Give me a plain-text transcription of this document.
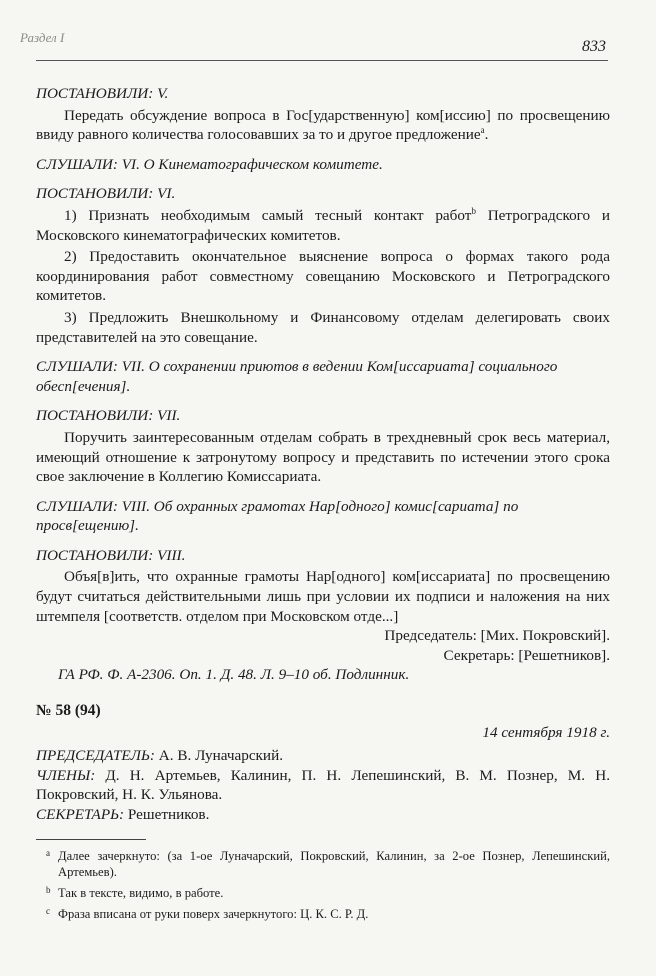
Раздел I
833

ПОСТАНОВИЛИ: V.

Передать обсуждение вопроса в Гос[ударственную] ком[иссию] по просвещению ввиду равного количества голосовавших за то и другое предложение$^a$.

СЛУШАЛИ: VI. О Кинематографическом комитете.

ПОСТАНОВИЛИ: VI.

1) Признать необходимым самый тесный контакт работ$^b$ Петроградского и Московского кинематографических комитетов.

2) Предоставить окончательное выяснение вопроса о формах такого рода координирования работ совместному совещанию Московского и Петроградского комитетов.

3) Предложить Внешкольному и Финансовому отделам делегировать своих представителей на это совещание.

СЛУШАЛИ: VII. О сохранении приютов в ведении Ком[иссариата] социального обесп[ечения].

ПОСТАНОВИЛИ: VII.

Поручить заинтересованным отделам собрать в трехдневный срок весь материал, имеющий отношение к затронутому вопросу и представить по истечении этого срока свое заключение в Коллегию Комиссариата.

СЛУШАЛИ: VIII. Об охранных грамотах Нар[одного] комис[сариата] по просв[ещению].

ПОСТАНОВИЛИ: VIII.

Объя[в]ить, что охранные грамоты Нар[одного] ком[иссариата] по просвещению будут считаться действительными лишь при условии их подписи и наложения на них штемпеля [соответств. отделом при Московском отде...]

Председатель: [Мих. Покровский].

Секретарь: [Решетников].

ГА РФ. Ф. А-2306. Оп. 1. Д. 48. Л. 9–10 об. Подлинник.

№ 58 (94)

14 сентября 1918 г.

ПРЕДСЕДАТЕЛЬ: А. В. Луначарский.

ЧЛЕНЫ: Д. Н. Артемьев, Калинин, П. Н. Лепешинский, В. М. Познер, М. Н. Покровский, Н. К. Ульянова.

СЕКРЕТАРЬ: Решетников.

a Далее зачеркнуто: (за 1-ое Луначарский, Покровский, Калинин, за 2-ое Познер, Лепешинский, Артемьев).
b Так в тексте, видимо, в работе.
c Фраза вписана от руки поверх зачеркнутого: Ц. К. С. Р. Д.
